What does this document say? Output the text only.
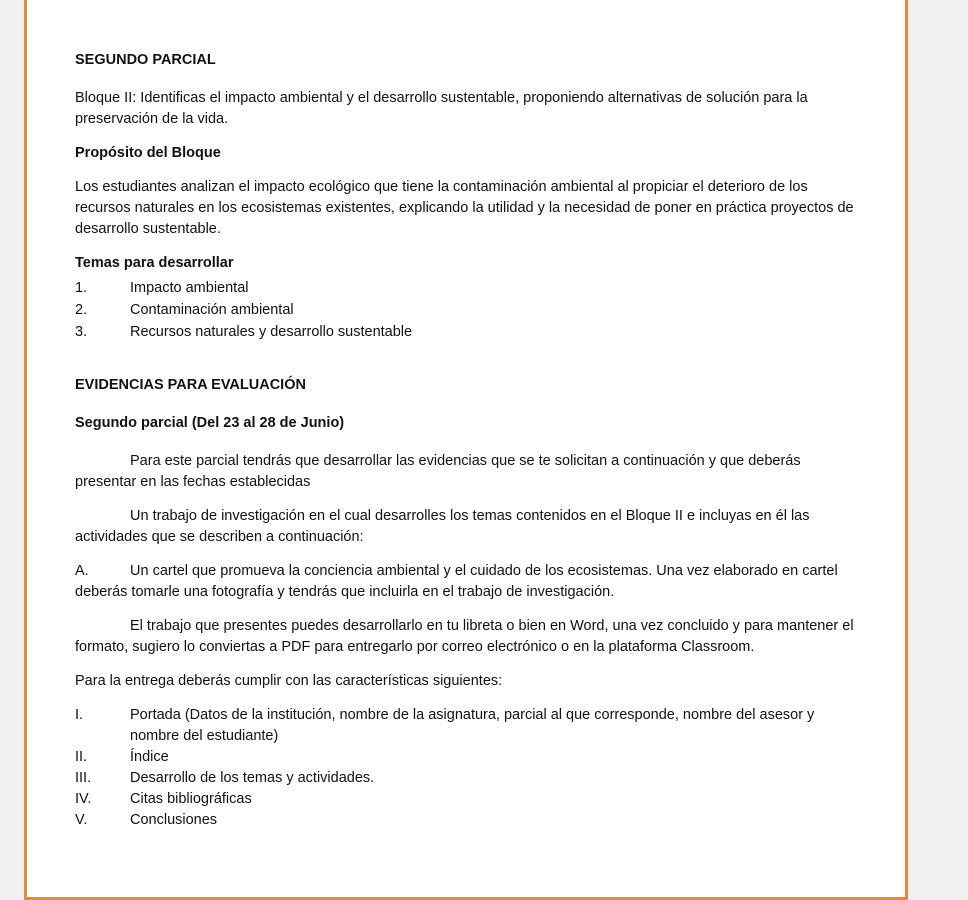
SEGUNDO PARCIAL
Bloque II: Identificas el impacto ambiental y el desarrollo sustentable, proponiendo alternativas de solución para la preservación de la vida.
Propósito del Bloque
Los estudiantes analizan el impacto ecológico que tiene la contaminación ambiental al propiciar el deterioro de los recursos naturales en los ecosistemas existentes, explicando la utilidad y la necesidad de poner en práctica proyectos de desarrollo sustentable.
Temas para desarrollar
1.	Impacto ambiental
2.	Contaminación ambiental
3.	Recursos naturales y desarrollo sustentable
EVIDENCIAS PARA EVALUACIÓN
Segundo parcial (Del 23 al 28 de Junio)
Para este parcial tendrás que desarrollar las evidencias que se te solicitan a continuación y que deberás presentar en las fechas establecidas
Un trabajo de investigación en el cual desarrolles los temas contenidos en el Bloque II e incluyas en él las actividades que se describen a continuación:
A.	Un cartel que promueva la conciencia ambiental y el cuidado de los ecosistemas. Una vez elaborado en cartel deberás tomarle una fotografía y tendrás que incluirla en el trabajo de investigación.
El trabajo que presentes puedes desarrollarlo en tu libreta o bien en Word, una vez concluido y para mantener el formato, sugiero lo conviertas a PDF para entregarlo por correo electrónico o en la plataforma Classroom.
Para la entrega deberás cumplir con las características siguientes:
I.	Portada (Datos de la institución, nombre de la asignatura, parcial al que corresponde, nombre del asesor y nombre del estudiante)
II.	Índice
III.	Desarrollo de los temas y actividades.
IV.	Citas bibliográficas
V.	Conclusiones
